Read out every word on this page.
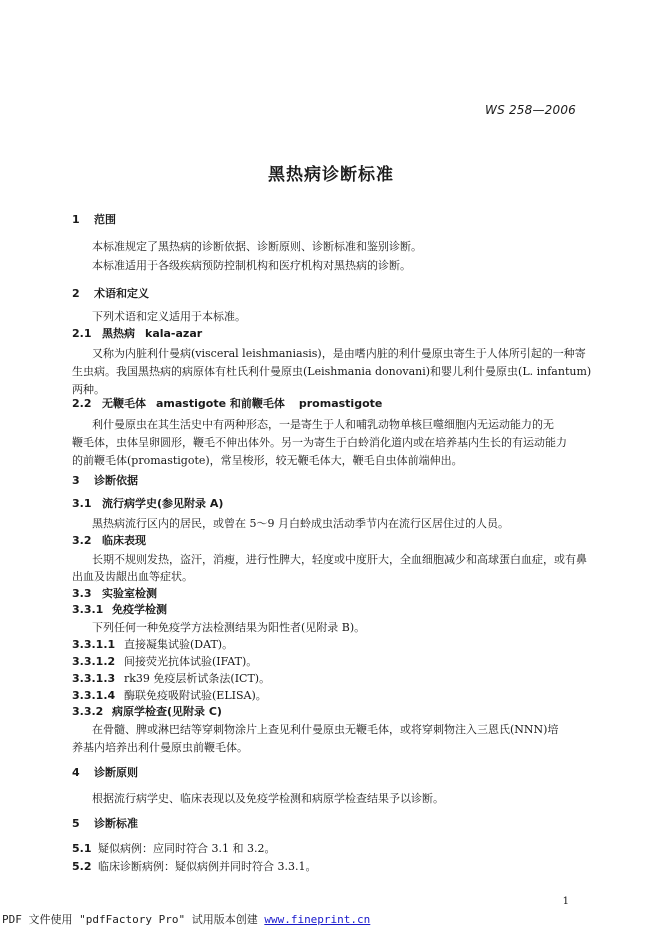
WS 258—2006
黑热病诊断标准
1 范围
本标准规定了黑热病的诊断依据、诊断原则、诊断标准和鉴别诊断。
本标准适用于各级疾病预防控制机构和医疗机构对黑热病的诊断。
2 术语和定义
下列术语和定义适用于本标准。
2.1 黑热病 kala-azar
又称为内脏利什曼病(visceral leishmaniasis)，是由嗜内脏的利什曼原虫寄生于人体所引起的一种寄
生虫病。我国黑热病的病原体有杜氏利什曼原虫(Leishmania donovani)和婴儿利什曼原虫(L. infantum)
两种。
2.2 无鞭毛体 amastigote 和前鞭毛体 promastigote
利什曼原虫在其生活史中有两种形态，一是寄生于人和哺乳动物单核巨噬细胞内无运动能力的无
鞭毛体，虫体呈卵圆形，鞭毛不伸出体外。另一为寄生于白蛉消化道内或在培养基内生长的有运动能力
的前鞭毛体(promastigote)，常呈梭形，较无鞭毛体大，鞭毛自虫体前端伸出。
3 诊断依据
3.1 流行病学史(参见附录 A)
黑热病流行区内的居民，或曾在 5～9 月白蛉成虫活动季节内在流行区居住过的人员。
3.2 临床表现
长期不规则发热，盗汗，消瘦，进行性脾大，轻度或中度肝大，全血细胞减少和高球蛋白血症，或有鼻
出血及齿龈出血等症状。
3.3 实验室检测
3.3.1 免疫学检测
下列任何一种免疫学方法检测结果为阳性者(见附录 B)。
3.3.1.1 直接凝集试验(DAT)。
3.3.1.2 间接荧光抗体试验(IFAT)。
3.3.1.3 rk39 免疫层析试条法(ICT)。
3.3.1.4 酶联免疫吸附试验(ELISA)。
3.3.2 病原学检查(见附录 C)
在骨髓、脾或淋巴结等穿刺物涂片上查见利什曼原虫无鞭毛体，或将穿刺物注入三恩氏(NNN)培
养基内培养出利什曼原虫前鞭毛体。
4 诊断原则
根据流行病学史、临床表现以及免疫学检测和病原学检查结果予以诊断。
5 诊断标准
5.1 疑似病例：应同时符合 3.1 和 3.2。
5.2 临床诊断病例：疑似病例并同时符合 3.3.1。
1
PDF 文件使用 "pdfFactory Pro" 试用版本创建 www.fineprint.cn
